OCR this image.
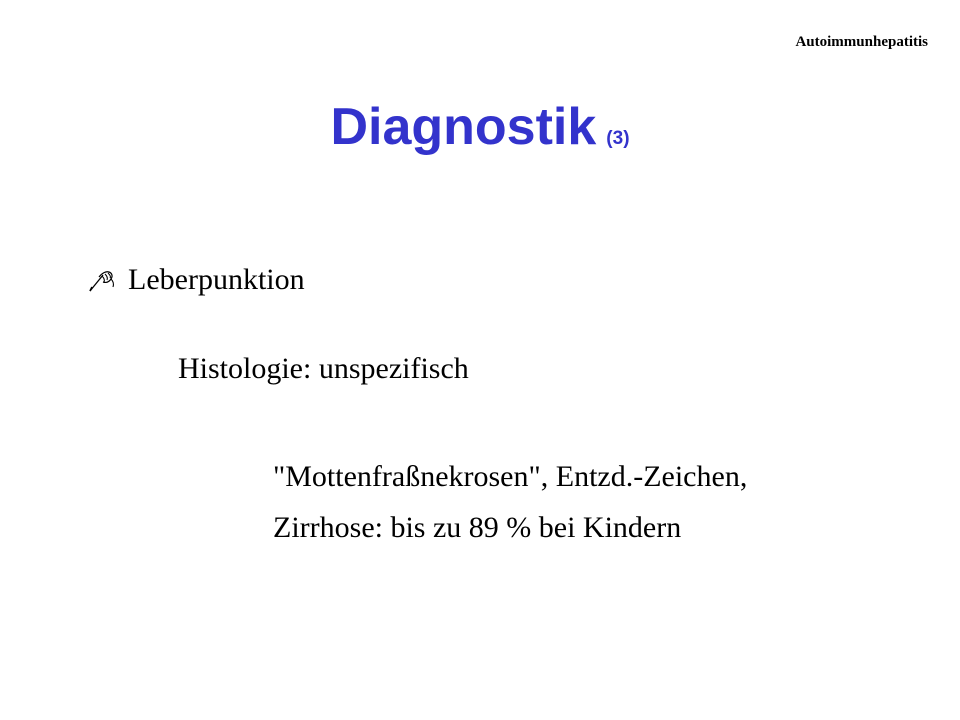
Autoimmunhepatitis
Diagnostik (3)
Leberpunktion
Histologie: unspezifisch
"Mottenfraßnekrosen", Entzd.-Zeichen,
Zirrhose: bis zu 89 % bei Kindern
